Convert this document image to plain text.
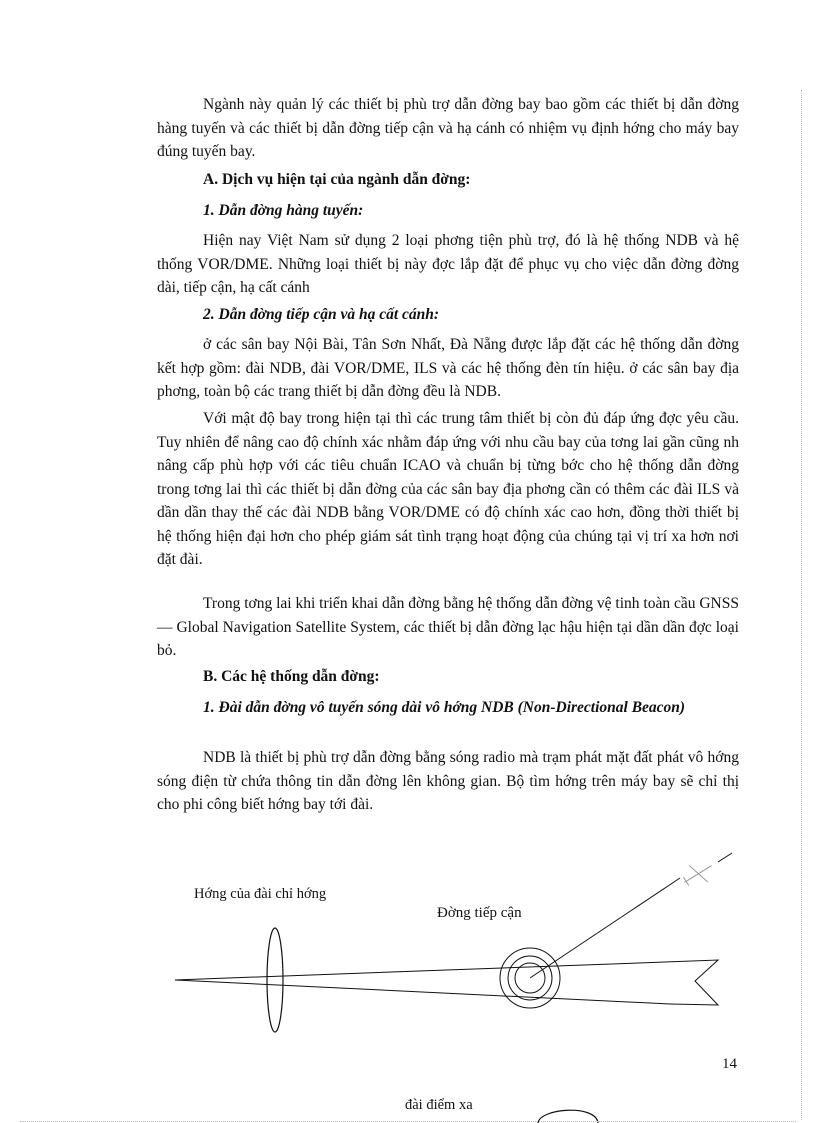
Ngành này quản lý các thiết bị phù trợ dẫn đờng bay bao gồm các thiết bị dẫn đờng hàng tuyến và các thiết bị dẫn đờng tiếp cận và hạ cánh có nhiệm vụ định hớng cho máy bay đúng tuyến bay.

A. Dịch vụ hiện tại của ngành dẫn đờng:

1. Dẫn đờng hàng tuyến:

Hiện nay Việt Nam sử dụng 2 loại phơng tiện phù trợ, đó là hệ thống NDB và hệ thống VOR/DME. Những loại thiết bị này đợc lắp đặt để phục vụ cho việc dẫn đờng đờng dài, tiếp cận, hạ cất cánh

2. Dẫn đờng tiếp cận và hạ cất cánh:

ở các sân bay Nội Bài, Tân Sơn Nhất, Đà Nẵng được lắp đặt các hệ thống dẫn đờng kết hợp gồm: đài NDB, đài VOR/DME, ILS và các hệ thống đèn tín hiệu. ở các sân bay địa phơng, toàn bộ các trang thiết bị dẫn đờng đều là NDB.

Với mật độ bay trong hiện tại thì các trung tâm thiết bị còn đủ đáp ứng đợc yêu cầu. Tuy nhiên để nâng cao độ chính xác nhằm đáp ứng với nhu cầu bay của tơng lai gần cũng nh nâng cấp phù hợp với các tiêu chuẩn ICAO và chuẩn bị từng bớc cho hệ thống dẫn đờng trong tơng lai thì các thiết bị dẫn đờng của các sân bay địa phơng cần có thêm các đài ILS và dần dần thay thế các đài NDB bằng VOR/DME có độ chính xác cao hơn, đồng thời thiết bị hệ thống hiện đại hơn cho phép giám sát tình trạng hoạt động của chúng tại vị trí xa hơn nơi đặt đài.

Trong tơng lai khi triển khai dẫn đờng bằng hệ thống dẫn đờng vệ tinh toàn cầu GNSS — Global Navigation Satellite System, các thiết bị dẫn đờng lạc hậu hiện tại dần dần đợc loại bỏ.

B. Các hệ thống dẫn đờng:

1. Đài dẫn đờng vô tuyến sóng dài vô hớng NDB (Non-Directional Beacon)

NDB là thiết bị phù trợ dẫn đờng bằng sóng radio mà trạm phát mặt đất phát vô hớng sóng điện từ chứa thông tin dẫn đờng lên không gian. Bộ tìm hớng trên máy bay sẽ chỉ thị cho phi công biết hớng bay tới đài.

Hớng của đài chỉ hớng

Đờng tiếp cận

đài điểm xa

14
